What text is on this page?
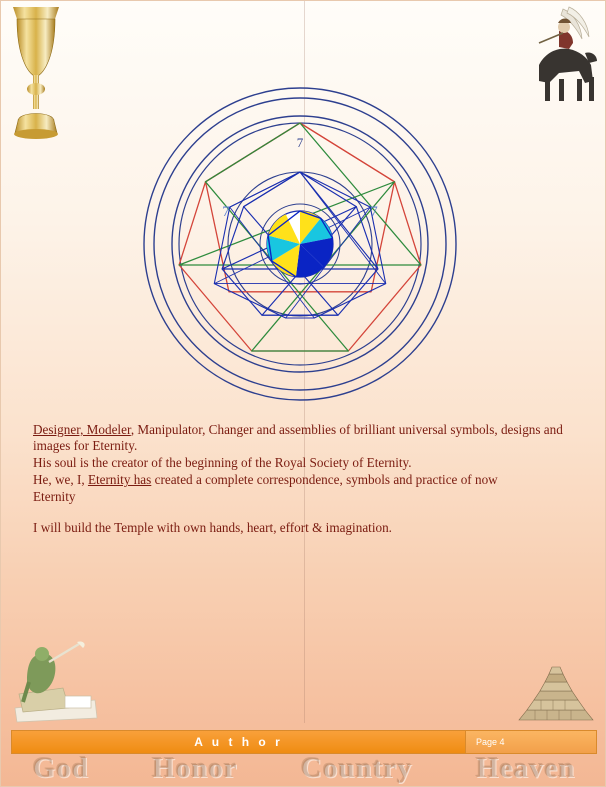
7
7	7

Designer, Modeler, Manipulator, Changer and assemblies of brilliant universal symbols, designs and images for Eternity.

His soul is the creator of the beginning of the Royal Society of Eternity.

He, we, I, Eternity has created a complete correspondence, symbols and practice of now

Eternity

I will build the Temple with own hands, heart, effort & imagination.

A u t h o r	Page 4
God Honor Country Heaven
